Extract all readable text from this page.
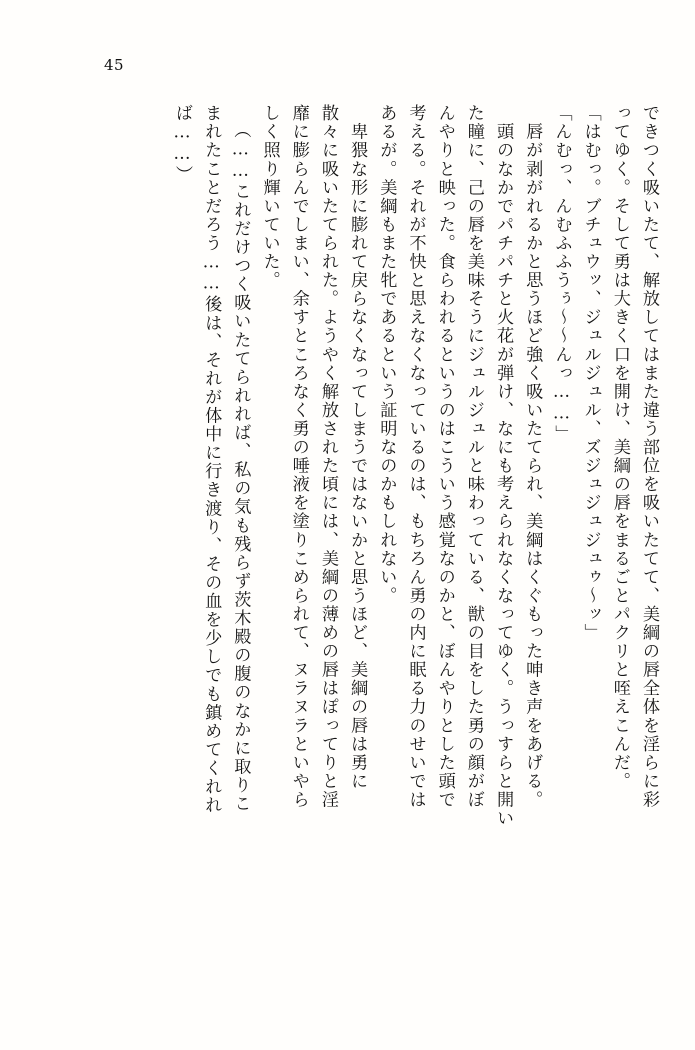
45
できつく吸いたて、解放してはまた違う部位を吸いたてて、美綱の唇全体を淫らに彩
ってゆく。そして勇は大きく口を開け、美綱の唇をまるごとパクリと咥えこんだ。
「はむっ。ブチュウッ、ジュルジュル、ズジュジュジュゥ〜ッ」
「んむっ、んむふふうぅ〜〜んっ……」
　唇が剥がれるかと思うほど強く吸いたてられ、美綱はくぐもった呻き声をあげる。
　頭のなかでパチパチと火花が弾け、なにも考えられなくなってゆく。うっすらと開い
た瞳に、己の唇を美味そうにジュルジュルと味わっている、獣の目をした勇の顔がぼ
んやりと映った。食らわれるというのはこういう感覚なのかと、ぼんやりとした頭で
考える。それが不快と思えなくなっているのは、もちろん勇の内に眠る力のせいでは
あるが。美綱もまた牝であるという証明なのかもしれない。
　卑猥な形に膨れて戻らなくなってしまうではないかと思うほど、美綱の唇は勇に
散々に吸いたてられた。ようやく解放された頃には、美綱の薄めの唇はぽってりと淫
靡に膨らんでしまい、余すところなく勇の唾液を塗りこめられて、ヌラヌラといやら
しく照り輝いていた。
（……これだけつく吸いたてられれば、私の気も残らず茨木殿の腹のなかに取りこ
まれたことだろう……後は、それが体中に行き渡り、その血を少しでも鎮めてくれれ
ば……）
